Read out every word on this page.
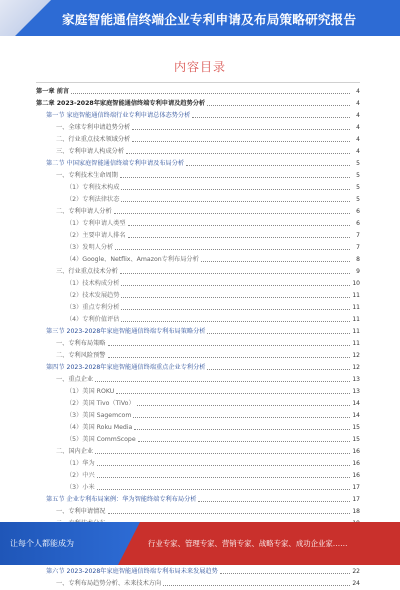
家庭智能通信终端企业专利申请及布局策略研究报告
内容目录
第一章 前言	4
第二章 2023-2028年家庭智能通信终端专利申请及趋势分析	4
第一节 家庭智能通信终端行业专利申请总体态势分析	4
一、全球专利申请趋势分析	4
二、行业重点技术领域分析	4
三、专利申请人构成分析	4
第二节 中国家庭智能通信终端专利申请及布局分析	5
一、专利技术生命周期	5
（1）专利技术构成	5
（2）专利法律状态	5
二、专利申请人分析	6
（1）专利申请人类型	6
（2）主要申请人排名	7
（3）发明人分析	7
（4）Google、Netflix、Amazon专利布局分析	8
三、行业重点技术分析	9
（1）技术构成分析	10
（2）技术发展趋势	11
（3）重点专利分析	11
（4）专利价值评估	11
第三节 2023-2028年家庭智能通信终端专利布局策略分析	11
一、专利布局策略	11
二、专利风险预警	12
第四节 2023-2028年家庭智能通信终端重点企业专利分析	12
一、重点企业	13
（1）美国 ROKU	13
（2）美国 Tivo（TiVo）	14
（3）美国 Sagemcom	14
（4）美国 Roku Media	15
（5）美国 CommScope	15
二、国内企业	16
（1）华为	16
（2）中兴	16
（3）小米	17
第五节 企业专利布局案例：华为智能终端专利布局分析	17
一、专利申请情况	18
第六节 2023-2028年家庭智能通信终端专利布局未来发展趋势	22
一、专利布局趋势分析、未来技术方向	24
让每个人都能成为	行业专家、管理专家、营销专家、战略专家、成功企业家……
